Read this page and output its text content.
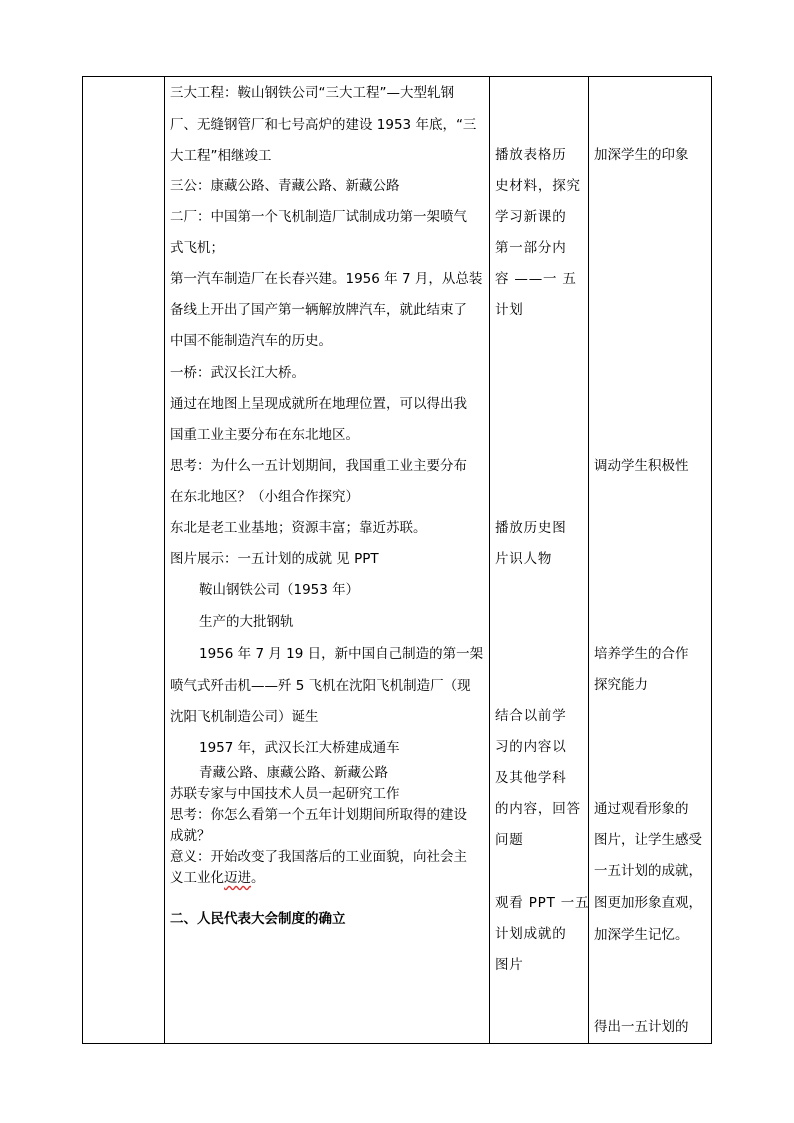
三大工程：鞍山钢铁公司“三大工程”—大型轧钢
厂、无缝钢管厂和七号高炉的建设 1953 年底，“三
大工程”相继竣工
三公：康藏公路、青藏公路、新藏公路
二厂：中国第一个飞机制造厂试制成功第一架喷气
式飞机；
第一汽车制造厂在长春兴建。1956 年 7 月，从总装
备线上开出了国产第一辆解放牌汽车，就此结束了
中国不能制造汽车的历史。
一桥：武汉长江大桥。
通过在地图上呈现成就所在地理位置，可以得出我
国重工业主要分布在东北地区。
思考：为什么一五计划期间，我国重工业主要分布
在东北地区？（小组合作探究）
东北是老工业基地；资源丰富；靠近苏联。
图片展示：一五计划的成就 见 PPT
鞍山钢铁公司（1953 年）
生产的大批钢轨
1956 年 7 月 19 日，新中国自己制造的第一架
喷气式歼击机——歼 5 飞机在沈阳飞机制造厂（现
沈阳飞机制造公司）诞生
1957 年，武汉长江大桥建成通车
青藏公路、康藏公路、新藏公路
苏联专家与中国技术人员一起研究工作
思考：你怎么看第一个五年计划期间所取得的建设
成就？
意义：开始改变了我国落后的工业面貌，向社会主
义工业化迈进。
二、人民代表大会制度的确立
播放表格历
史材料，探究
学习新课的
第一部分内
容 ——一 五
计划
播放历史图
片识人物
结合以前学
习的内容以
及其他学科
的内容，回答
问题
观看 PPT 一五
计划成就的
图片
加深学生的印象
调动学生积极性
培养学生的合作
探究能力
通过观看形象的
图片，让学生感受
一五计划的成就，
图更加形象直观，
加深学生记忆。
得出一五计划的
